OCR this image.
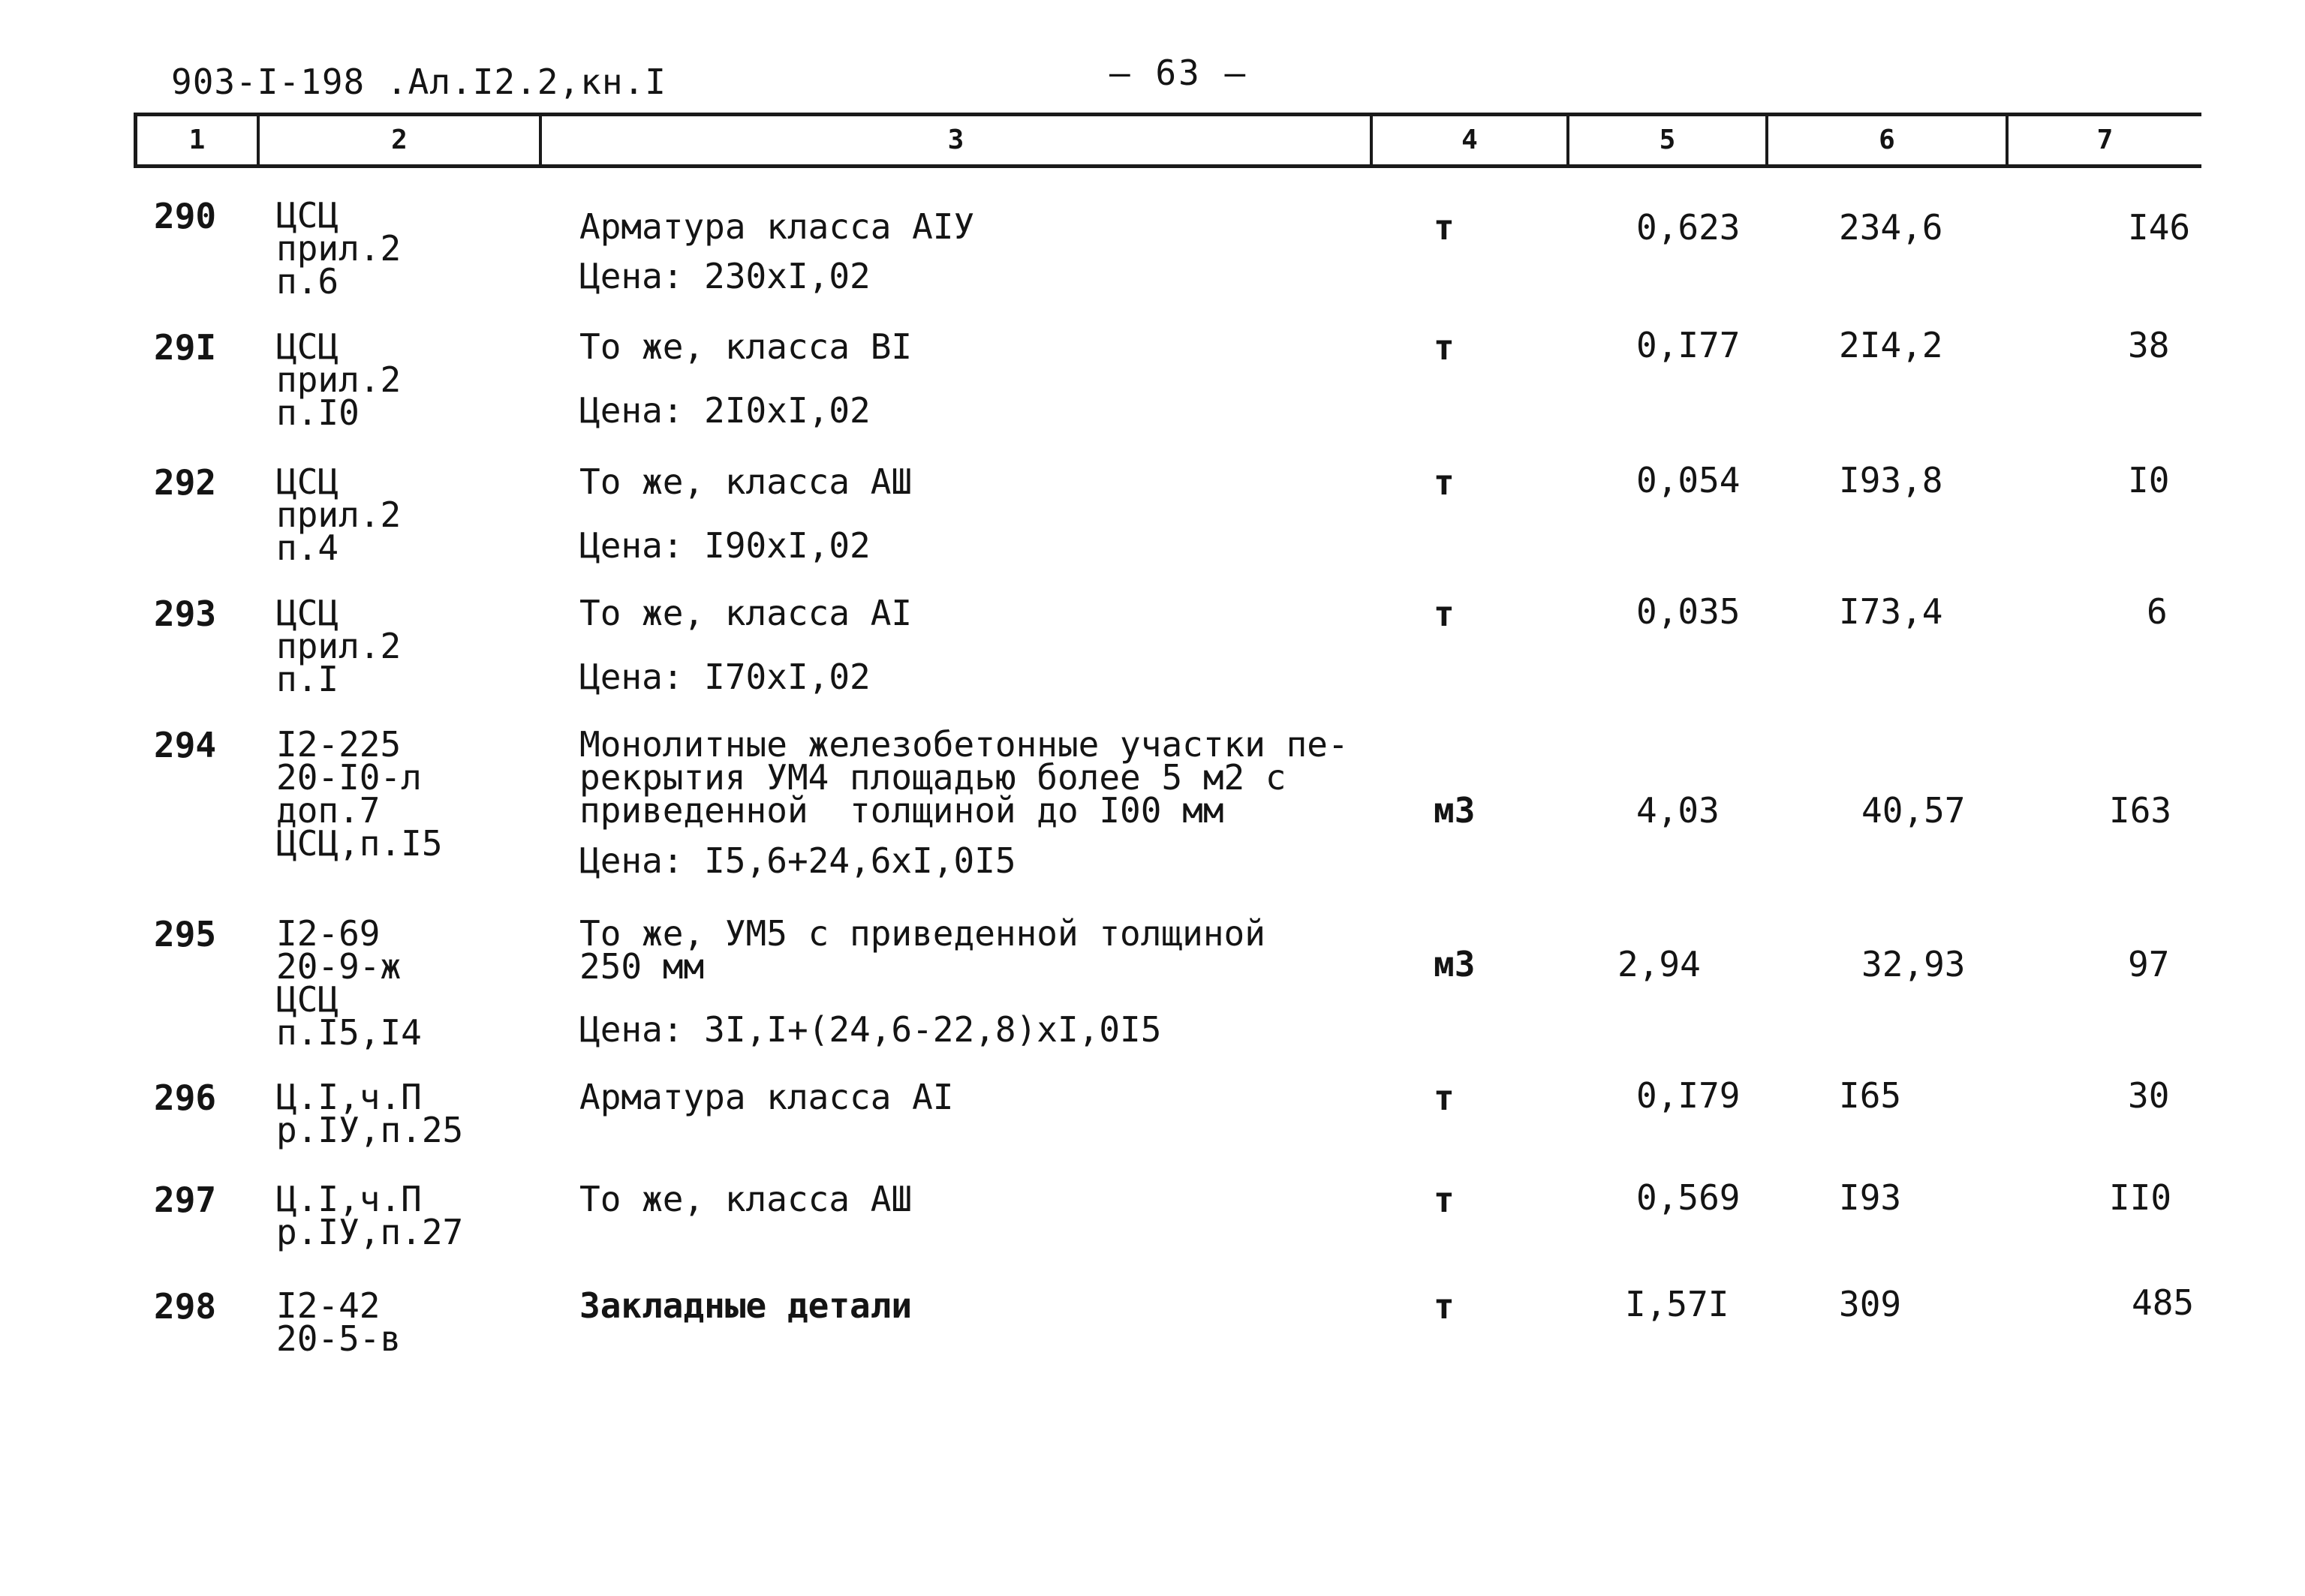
903-I-198 .Ал.I2.2,кн.I	— 63 —
1	2	3	4	5	6	7
290 ЦСЦ
прил.2
п.6
Арматура класса AIУ
Цена: 230xI,02
т	0,623	234,6	I46
29I ЦСЦ
прил.2
п.I0
То же, класса BI
Цена: 2I0xI,02
т	0,I77	2I4,2	38
292 ЦСЦ
прил.2
п.4
То же, класса AШ
Цена: I90xI,02
т	0,054	I93,8	I0
293 ЦСЦ
прил.2
п.I
То же, класса AI
Цена: I70xI,02
т	0,035	I73,4	6
294 I2-225
20-I0-л
доп.7
ЦСЦ,п.I5
Монолитные железобетонные участки пе-
рекрытия УМ4 площадью более 5 м2 с
приведенной  толщиной до I00 мм
Цена: I5,6+24,6xI,0I5
м3	4,03	40,57	I63
295 I2-69
20-9-ж
ЦСЦ
п.I5,I4
То же, УМ5 с приведенной толщиной
250 мм
Цена: 3I,I+(24,6-22,8)xI,0I5
м3	2,94	32,93	97
296 Ц.I,ч.П
р.IУ,п.25
Арматура класса AI	т	0,I79	I65	30
297 Ц.I,ч.П
р.IУ,п.27
То же, класса AШ	т	0,569	I93	II0
298 I2-42
20-5-в
Закладные детали	т	I,57I	309	485
